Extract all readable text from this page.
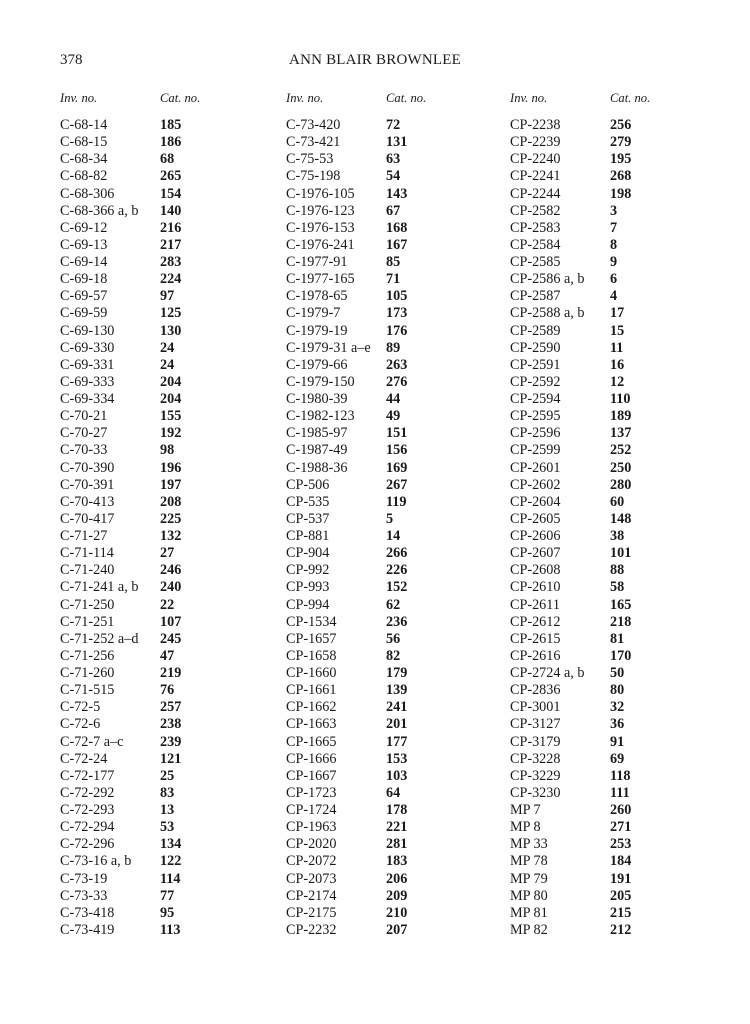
378	ANN BLAIR BROWNLEE
Inv. no.	Cat. no.
C-68-14	185
C-68-15	186
C-68-34	68
C-68-82	265
C-68-306	154
C-68-366 a, b 140
C-69-12	216
C-69-13	217
C-69-14	283
C-69-18	224
C-69-57	97
C-69-59	125
C-69-130	130
C-69-330	24
C-69-331	24
C-69-333	204
C-69-334	204
C-70-21	155
C-70-27	192
C-70-33	98
C-70-390	196
C-70-391	197
C-70-413	208
C-70-417	225
C-71-27	132
C-71-114	27
C-71-240	246
C-71-241 a, b 240
C-71-250	22
C-71-251	107
C-71-252 a–d 245
C-71-256	47
C-71-260	219
C-71-515	76
C-72-5	257
C-72-6	238
C-72-7 a–c	239
C-72-24	121
C-72-177	25
C-72-292	83
C-72-293	13
C-72-294	53
C-72-296	134
C-73-16 a, b 122
C-73-19	114
C-73-33	77
C-73-418	95
C-73-419	113
Inv. no.	Cat. no.
C-73-420	72
C-73-421	131
C-75-53	63
C-75-198	54
C-1976-105 143
C-1976-123 67
C-1976-153 168
C-1976-241 167
C-1977-91	85
C-1977-165 71
C-1978-65	105
C-1979-7	173
C-1979-19	176
C-1979-31 a–e 89
C-1979-66	263
C-1979-150 276
C-1980-39	44
C-1982-123 49
C-1985-97	151
C-1987-49	156
C-1988-36	169
CP-506	267
CP-535	119
CP-537	5
CP-881	14
CP-904	266
CP-992	226
CP-993	152
CP-994	62
CP-1534	236
CP-1657	56
CP-1658	82
CP-1660	179
CP-1661	139
CP-1662	241
CP-1663	201
CP-1665	177
CP-1666	153
CP-1667	103
CP-1723	64
CP-1724	178
CP-1963	221
CP-2020	281
CP-2072	183
CP-2073	206
CP-2174	209
CP-2175	210
CP-2232	207
Inv. no.	Cat. no.
CP-2238	256
CP-2239	279
CP-2240	195
CP-2241	268
CP-2244	198
CP-2582	3
CP-2583	7
CP-2584	8
CP-2585	9
CP-2586 a, b 6
CP-2587	4
CP-2588 a, b 17
CP-2589	15
CP-2590	11
CP-2591	16
CP-2592	12
CP-2594	110
CP-2595	189
CP-2596	137
CP-2599	252
CP-2601	250
CP-2602	280
CP-2604	60
CP-2605	148
CP-2606	38
CP-2607	101
CP-2608	88
CP-2610	58
CP-2611	165
CP-2612	218
CP-2615	81
CP-2616	170
CP-2724 a, b 50
CP-2836	80
CP-3001	32
CP-3127	36
CP-3179	91
CP-3228	69
CP-3229	118
CP-3230	111
MP 7	260
MP 8	271
MP 33	253
MP 78	184
MP 79	191
MP 80	205
MP 81	215
MP 82	212
